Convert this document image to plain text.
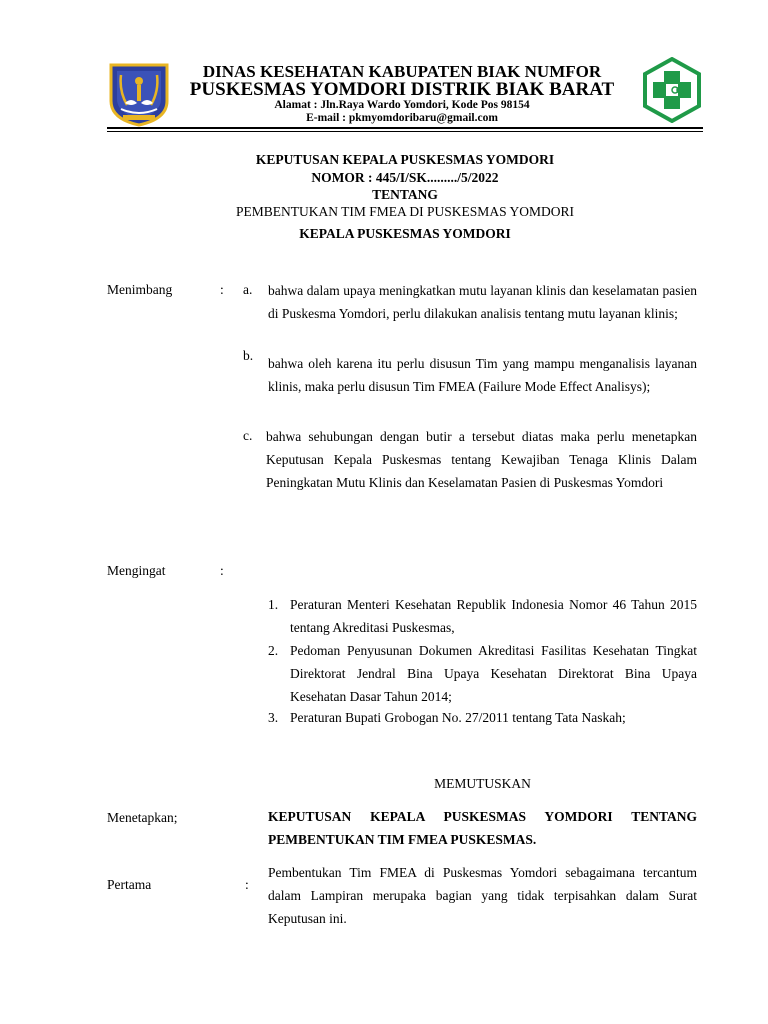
DINAS KESEHATAN KABUPATEN BIAK NUMFOR
PUSKESMAS YOMDORI DISTRIK BIAK BARAT
Alamat : Jln.Raya Wardo Yomdori, Kode Pos 98154
E-mail : pkmyomdoribaru@gmail.com
KEPUTUSAN KEPALA PUSKESMAS YOMDORI
NOMOR : 445/I/SK........./5/2022
TENTANG
PEMBENTUKAN TIM FMEA DI PUSKESMAS YOMDORI
KEPALA PUSKESMAS YOMDORI
Menimbang	: a. bahwa dalam upaya meningkatkan mutu layanan klinis dan keselamatan pasien di Puskesma Yomdori, perlu dilakukan analisis tentang mutu layanan klinis;
b.
bahwa oleh karena itu perlu disusun Tim yang mampu menganalisis layanan klinis, maka perlu disusun Tim FMEA (Failure Mode Effect Analisys);
c. bahwa sehubungan dengan butir a tersebut diatas maka perlu menetapkan Keputusan Kepala Puskesmas tentang Kewajiban Tenaga Klinis Dalam Peningkatan Mutu Klinis dan Keselamatan Pasien di Puskesmas Yomdori
Mengingat	:
1. Peraturan Menteri Kesehatan Republik Indonesia Nomor 46 Tahun 2015 tentang Akreditasi Puskesmas,
2. Pedoman Penyusunan Dokumen Akreditasi Fasilitas Kesehatan Tingkat Direktorat Jendral Bina Upaya Kesehatan Direktorat Bina Upaya Kesehatan Dasar Tahun 2014;
3. Peraturan Bupati Grobogan No. 27/2011 tentang Tata Naskah;
MEMUTUSKAN
Menetapkan;	KEPUTUSAN KEPALA PUSKESMAS YOMDORI TENTANG PEMBENTUKAN TIM FMEA PUSKESMAS.
Pertama	:
Pembentukan Tim FMEA di Puskesmas Yomdori sebagaimana tercantum dalam Lampiran merupaka bagian yang tidak terpisahkan dalam Surat Keputusan ini.
